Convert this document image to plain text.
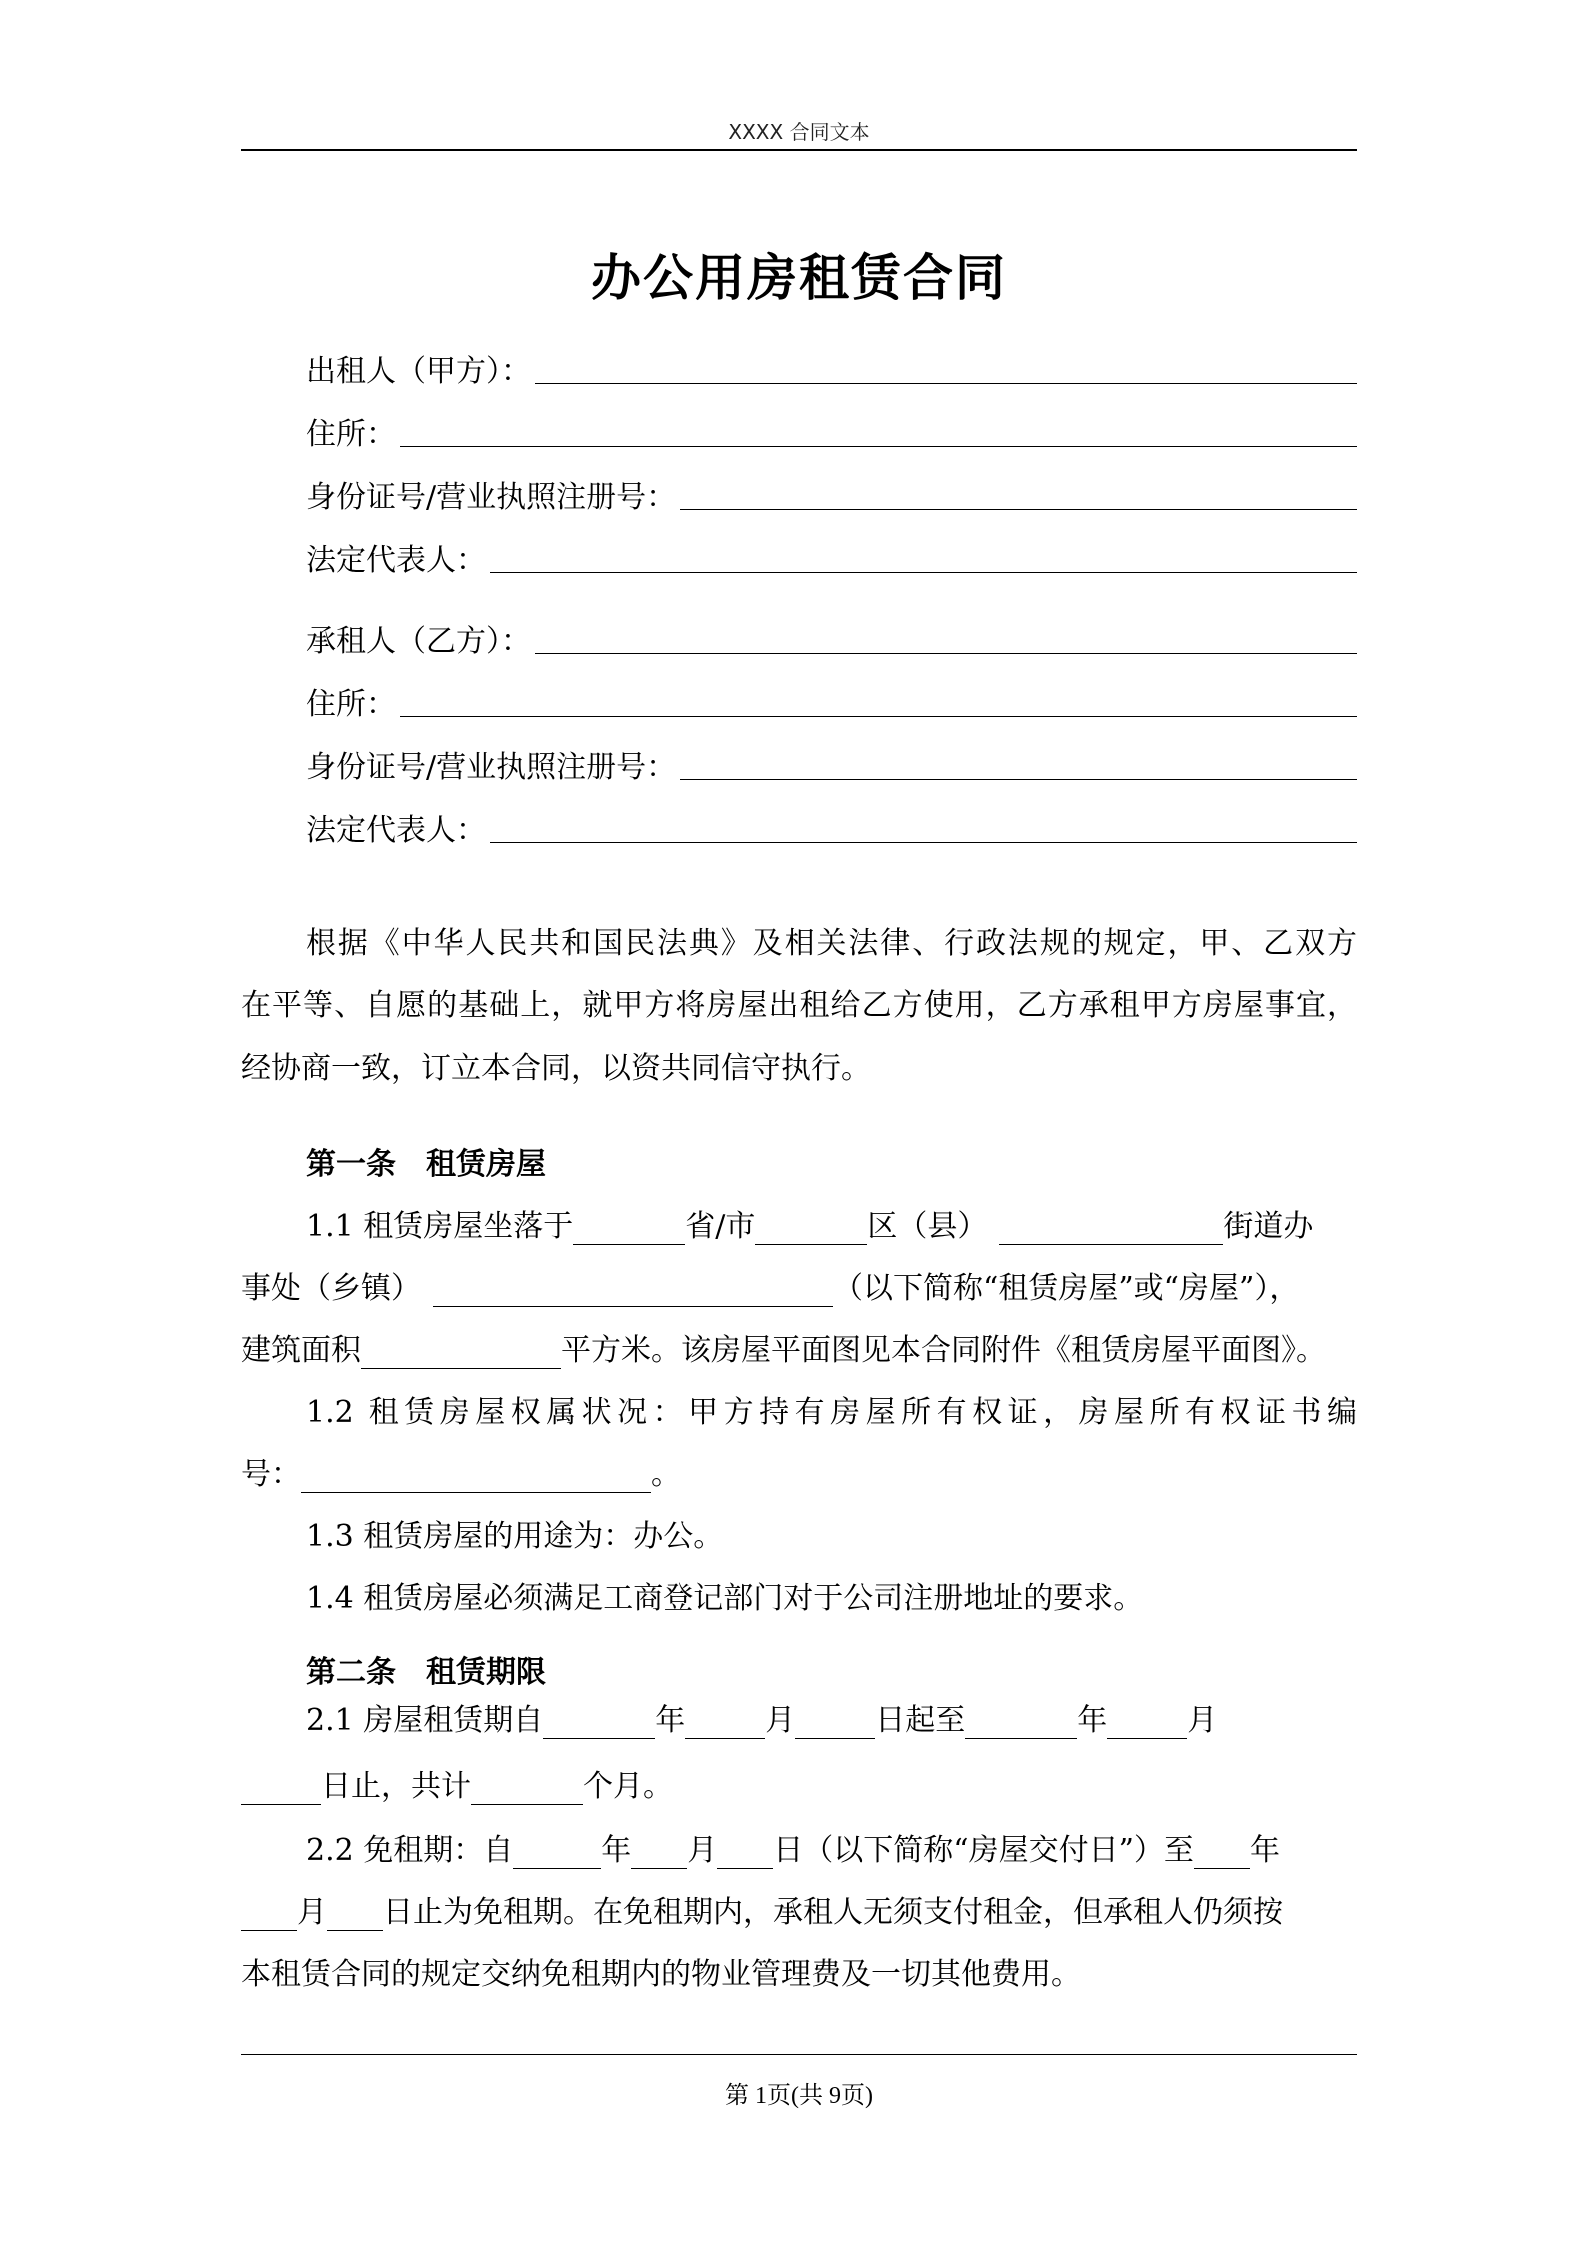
XXXX 合同文本
办公用房租赁合同
出租人（甲方）：
住所：
身份证号/营业执照注册号：
法定代表人：
承租人（乙方）：
住所：
身份证号/营业执照注册号：
法定代表人：
根据《中华人民共和国民法典》及相关法律、行政法规的规定，甲、乙双方
在平等、自愿的基础上，就甲方将房屋出租给乙方使用，乙方承租甲方房屋事宜，
经协商一致，订立本合同，以资共同信守执行。
第一条　租赁房屋
1.1 租赁房屋坐落于	省/市	区（县）	街道办
事处（乡镇）	（以下简称“租赁房屋”或“房屋”），
建筑面积	平方米。该房屋平面图见本合同附件《租赁房屋平面图》。
1.2 租赁房屋权属状况：甲方持有房屋所有权证，房屋所有权证书编
号：	。
1.3 租赁房屋的用途为：办公。
1.4 租赁房屋必须满足工商登记部门对于公司注册地址的要求。
第二条　租赁期限
2.1 房屋租赁期自	年	月	日起至	年	月
日止，共计	个月。
2.2 免租期：自	年 月 日（以下简称“房屋交付日”）至 年
月 日止为免租期。在免租期内，承租人无须支付租金，但承租人仍须按
本租赁合同的规定交纳免租期内的物业管理费及一切其他费用。
第 1页(共 9页)
